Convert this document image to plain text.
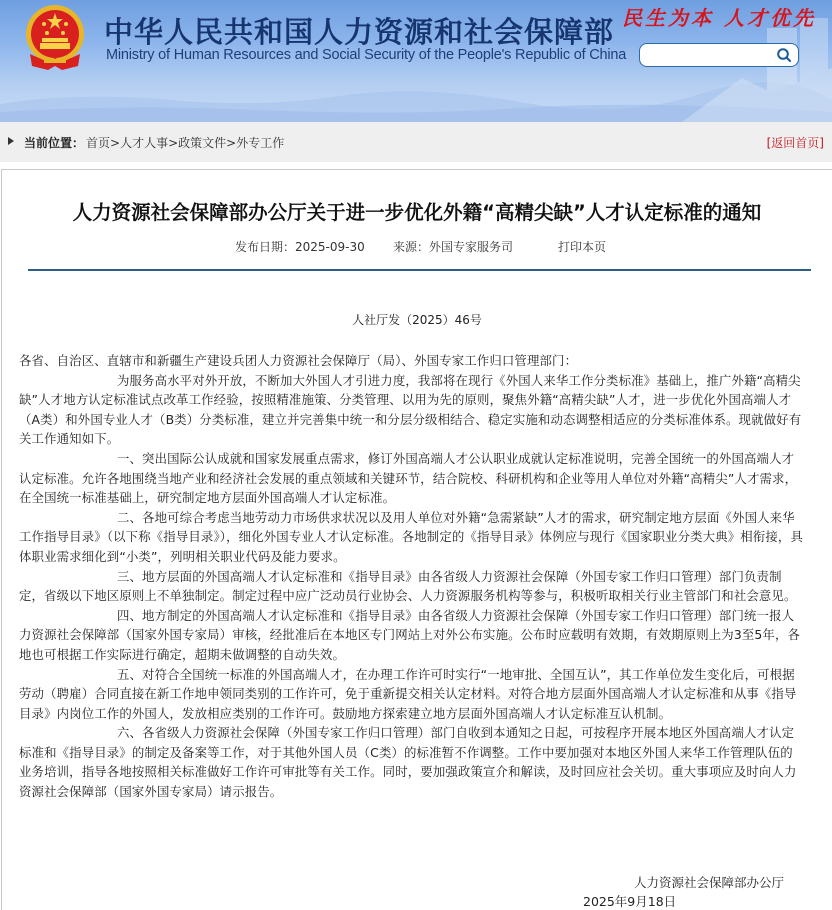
中华人民共和国人力资源和社会保障部
Ministry of Human Resources and Social Security of the People's Republic of China
民生为本 人才优先
当前位置： 首页>人才人事>政策文件>外专工作	[返回首页]
人力资源社会保障部办公厅关于进一步优化外籍“高精尖缺”人才认定标准的通知
发布日期：2025-09-30 来源：外国专家服务司	打印本页
人社厅发（2025）46号

各省、自治区、直辖市和新疆生产建设兵团人力资源社会保障厅（局）、外国专家工作归口管理部门：

为服务高水平对外开放，不断加大外国人才引进力度，我部将在现行《外国人来华工作分类标准》基础上，推广外籍“高精尖缺”人才地方认定标准试点改革工作经验，按照精准施策、分类管理、以用为先的原则，聚焦外籍“高精尖缺”人才，进一步优化外国高端人才（A类）和外国专业人才（B类）分类标准，建立并完善集中统一和分层分级相结合、稳定实施和动态调整相适应的分类标准体系。现就做好有关工作通知如下。

一、突出国际公认成就和国家发展重点需求，修订外国高端人才公认职业成就认定标准说明，完善全国统一的外国高端人才认定标准。允许各地围绕当地产业和经济社会发展的重点领域和关键环节，结合院校、科研机构和企业等用人单位对外籍“高精尖”人才需求，在全国统一标准基础上，研究制定地方层面外国高端人才认定标准。

二、各地可综合考虑当地劳动力市场供求状况以及用人单位对外籍“急需紧缺”人才的需求，研究制定地方层面《外国人来华工作指导目录》（以下称《指导目录》），细化外国专业人才认定标准。各地制定的《指导目录》体例应与现行《国家职业分类大典》相衔接，具体职业需求细化到“小类”，列明相关职业代码及能力要求。

三、地方层面的外国高端人才认定标准和《指导目录》由各省级人力资源社会保障（外国专家工作归口管理）部门负责制定，省级以下地区原则上不单独制定。制定过程中应广泛动员行业协会、人力资源服务机构等参与，积极听取相关行业主管部门和社会意见。

四、地方制定的外国高端人才认定标准和《指导目录》由各省级人力资源社会保障（外国专家工作归口管理）部门统一报人力资源社会保障部（国家外国专家局）审核，经批准后在本地区专门网站上对外公布实施。公布时应载明有效期，有效期原则上为3至5年，各地也可根据工作实际进行确定，超期未做调整的自动失效。

五、对符合全国统一标准的外国高端人才，在办理工作许可时实行“一地审批、全国互认”，其工作单位发生变化后，可根据劳动（聘雇）合同直接在新工作地申领同类别的工作许可，免于重新提交相关认定材料。对符合地方层面外国高端人才认定标准和从事《指导目录》内岗位工作的外国人，发放相应类别的工作许可。鼓励地方探索建立地方层面外国高端人才认定标准互认机制。

六、各省级人力资源社会保障（外国专家工作归口管理）部门自收到本通知之日起，可按程序开展本地区外国高端人才认定标准和《指导目录》的制定及备案等工作，对于其他外国人员（C类）的标准暂不作调整。工作中要加强对本地区外国人来华工作管理队伍的业务培训，指导各地按照相关标准做好工作许可审批等有关工作。同时，要加强政策宣介和解读，及时回应社会关切。重大事项应及时向人力资源社会保障部（国家外国专家局）请示报告。

人力资源社会保障部办公厅
2025年9月18日
